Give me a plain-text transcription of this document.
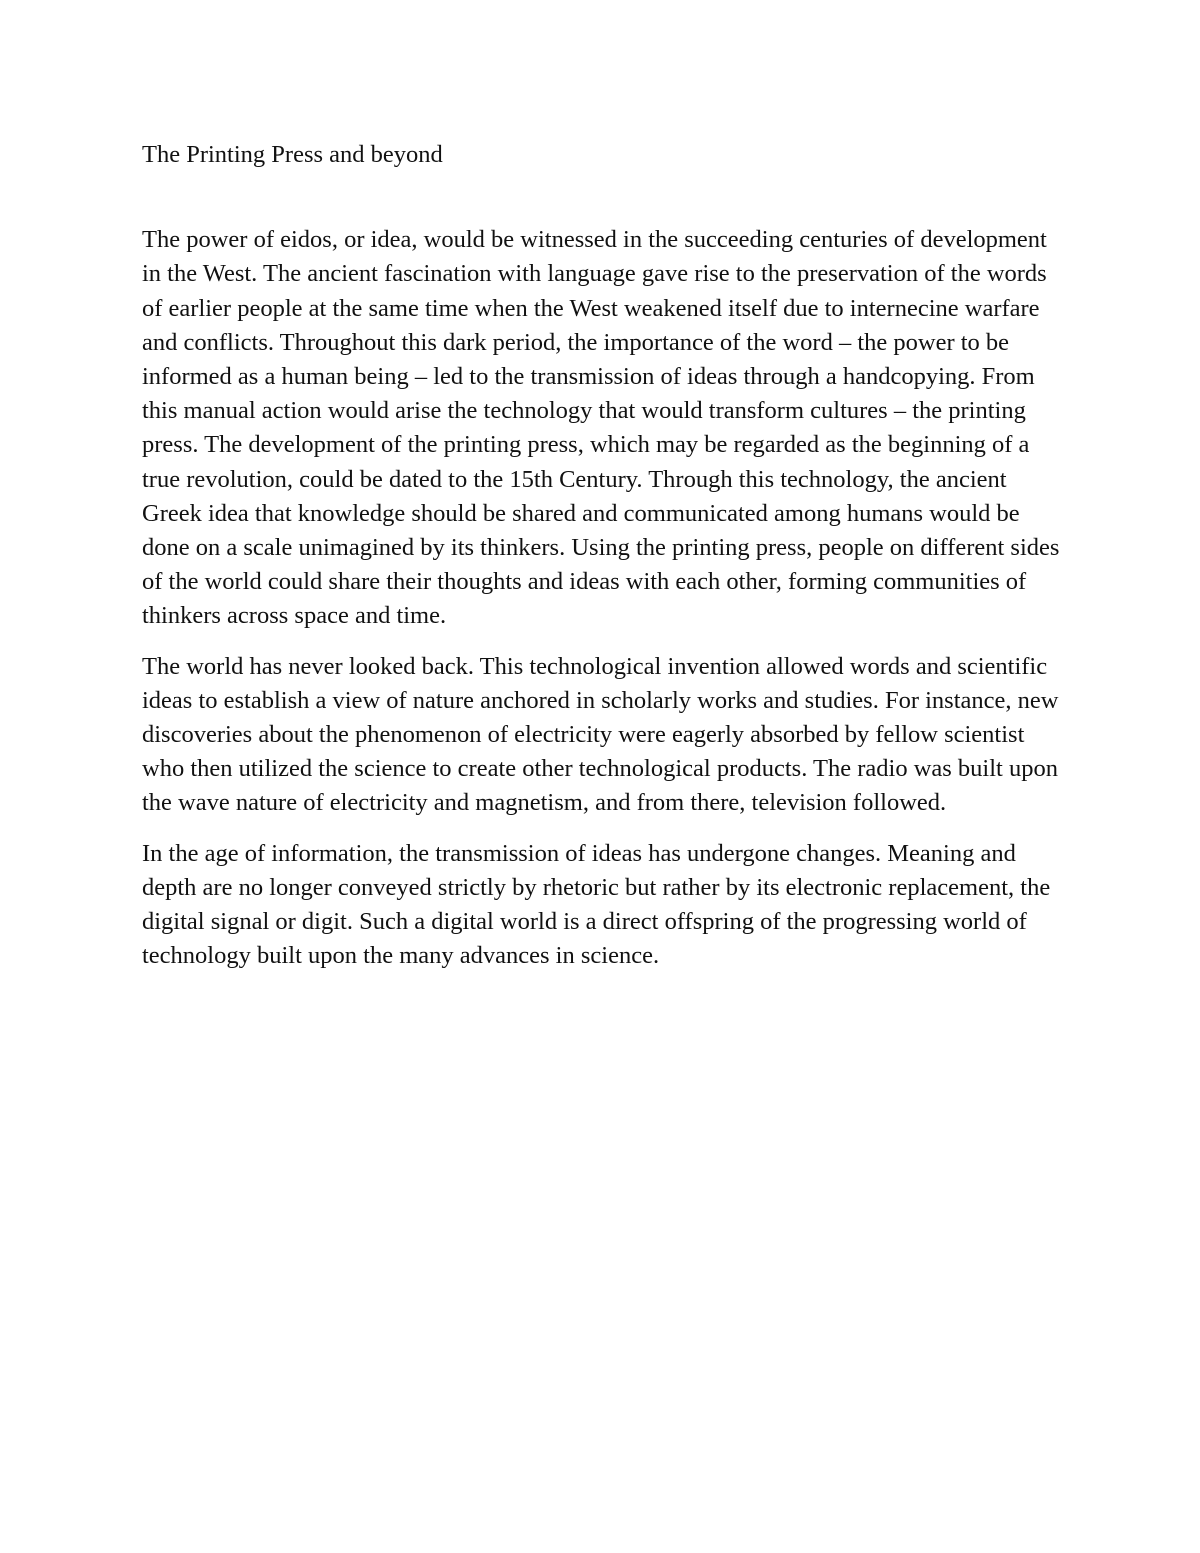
The Printing Press and beyond

The power of eidos, or idea, would be witnessed in the succeeding centuries of development in the West. The ancient fascination with language gave rise to the preservation of the words of earlier people at the same time when the West weakened itself due to internecine warfare and conflicts. Throughout this dark period, the importance of the word – the power to be informed as a human being – led to the transmission of ideas through a handcopying. From this manual action would arise the technology that would transform cultures – the printing press. The development of the printing press, which may be regarded as the beginning of a true revolution, could be dated to the 15th Century. Through this technology, the ancient Greek idea that knowledge should be shared and communicated among humans would be done on a scale unimagined by its thinkers. Using the printing press, people on different sides of the world could share their thoughts and ideas with each other, forming communities of thinkers across space and time.

The world has never looked back. This technological invention allowed words and scientific ideas to establish a view of nature anchored in scholarly works and studies. For instance, new discoveries about the phenomenon of electricity were eagerly absorbed by fellow scientist who then utilized the science to create other technological products. The radio was built upon the wave nature of electricity and magnetism, and from there, television followed.

In the age of information, the transmission of ideas has undergone changes. Meaning and depth are no longer conveyed strictly by rhetoric but rather by its electronic replacement, the digital signal or digit. Such a digital world is a direct offspring of the progressing world of technology built upon the many advances in science.
